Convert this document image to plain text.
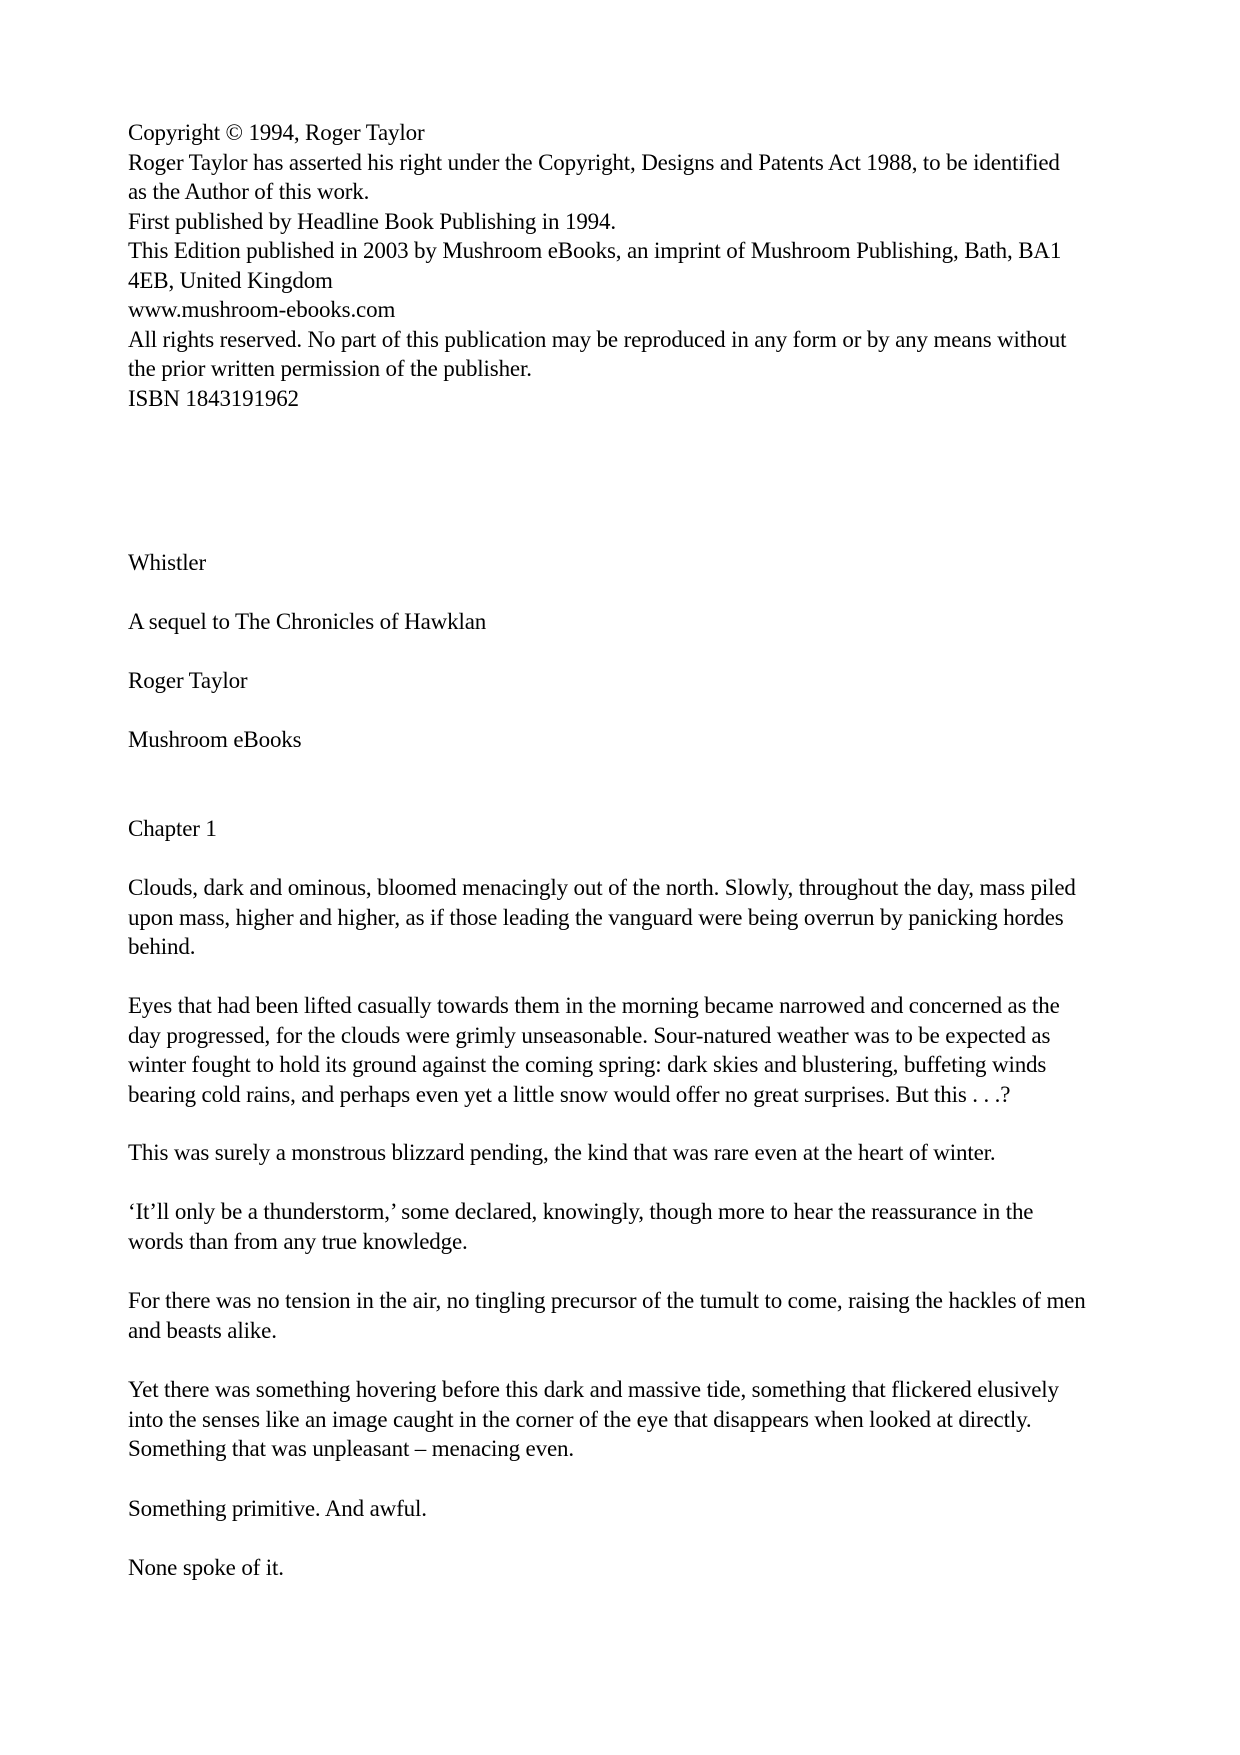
Copyright © 1994, Roger Taylor
Roger Taylor has asserted his right under the Copyright, Designs and Patents Act 1988, to be identified
as the Author of this work.
First published by Headline Book Publishing in 1994.
This Edition published in 2003 by Mushroom eBooks, an imprint of Mushroom Publishing, Bath, BA1
4EB, United Kingdom
www.mushroom-ebooks.com
All rights reserved. No part of this publication may be reproduced in any form or by any means without
the prior written permission of the publisher.
ISBN 1843191962
Whistler
A sequel to The Chronicles of Hawklan
Roger Taylor
Mushroom eBooks
Chapter 1
Clouds, dark and ominous, bloomed menacingly out of the north. Slowly, throughout the day, mass piled
upon mass, higher and higher, as if those leading the vanguard were being overrun by panicking hordes
behind.
Eyes that had been lifted casually towards them in the morning became narrowed and concerned as the
day progressed, for the clouds were grimly unseasonable. Sour-natured weather was to be expected as
winter fought to hold its ground against the coming spring: dark skies and blustering, buffeting winds
bearing cold rains, and perhaps even yet a little snow would offer no great surprises. But this . . .?
This was surely a monstrous blizzard pending, the kind that was rare even at the heart of winter.
‘It’ll only be a thunderstorm,’ some declared, knowingly, though more to hear the reassurance in the
words than from any true knowledge.
For there was no tension in the air, no tingling precursor of the tumult to come, raising the hackles of men
and beasts alike.
Yet there was something hovering before this dark and massive tide, something that flickered elusively
into the senses like an image caught in the corner of the eye that disappears when looked at directly.
Something that was unpleasant – menacing even.
Something primitive. And awful.
None spoke of it.
